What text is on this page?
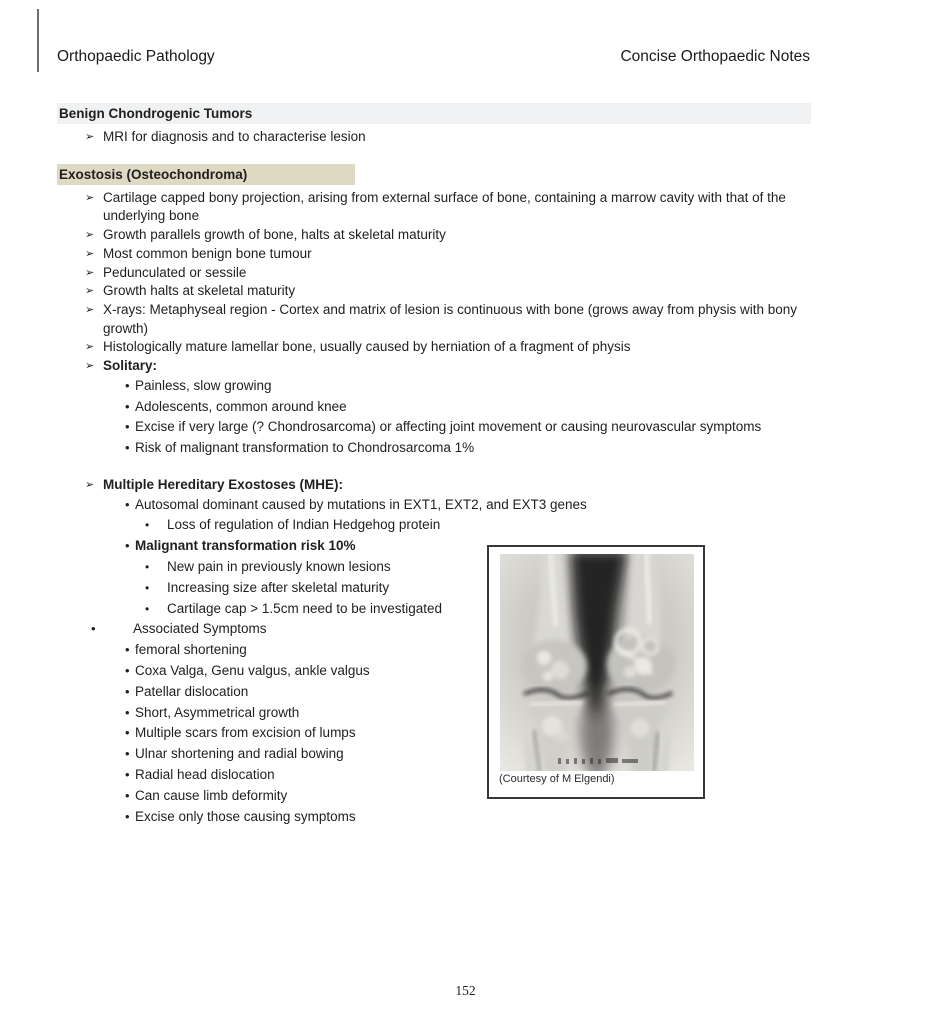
Orthopaedic Pathology	Concise Orthopaedic Notes
Benign Chondrogenic Tumors
➢ MRI for diagnosis and to characterise lesion
Exostosis (Osteochondroma)
➢ Cartilage capped bony projection, arising from external surface of bone, containing a marrow cavity with that of the underlying bone
➢ Growth parallels growth of bone, halts at skeletal maturity
➢ Most common benign bone tumour
➢ Pedunculated or sessile
➢ Growth halts at skeletal maturity
➢ X-rays: Metaphyseal region - Cortex and matrix of lesion is continuous with bone (grows away from physis with bony growth)
➢ Histologically mature lamellar bone, usually caused by herniation of a fragment of physis
➢ Solitary:
• Painless, slow growing
• Adolescents, common around knee
• Excise if very large (? Chondrosarcoma) or affecting joint movement or causing neurovascular symptoms
• Risk of malignant transformation to Chondrosarcoma 1%
➢ Multiple Hereditary Exostoses (MHE):
• Autosomal dominant caused by mutations in EXT1, EXT2, and EXT3 genes
•	Loss of regulation of Indian Hedgehog protein
• Malignant transformation risk 10%
•	New pain in previously known lesions
•	Increasing size after skeletal maturity
•	Cartilage cap > 1.5cm need to be investigated
•	Associated Symptoms
• femoral shortening
• Coxa Valga, Genu valgus, ankle valgus
• Patellar dislocation
• Short, Asymmetrical growth
• Multiple scars from excision of lumps
• Ulnar shortening and radial bowing
• Radial head dislocation
• Can cause limb deformity
• Excise only those causing symptoms
(Courtesy of M Elgendi)
152
